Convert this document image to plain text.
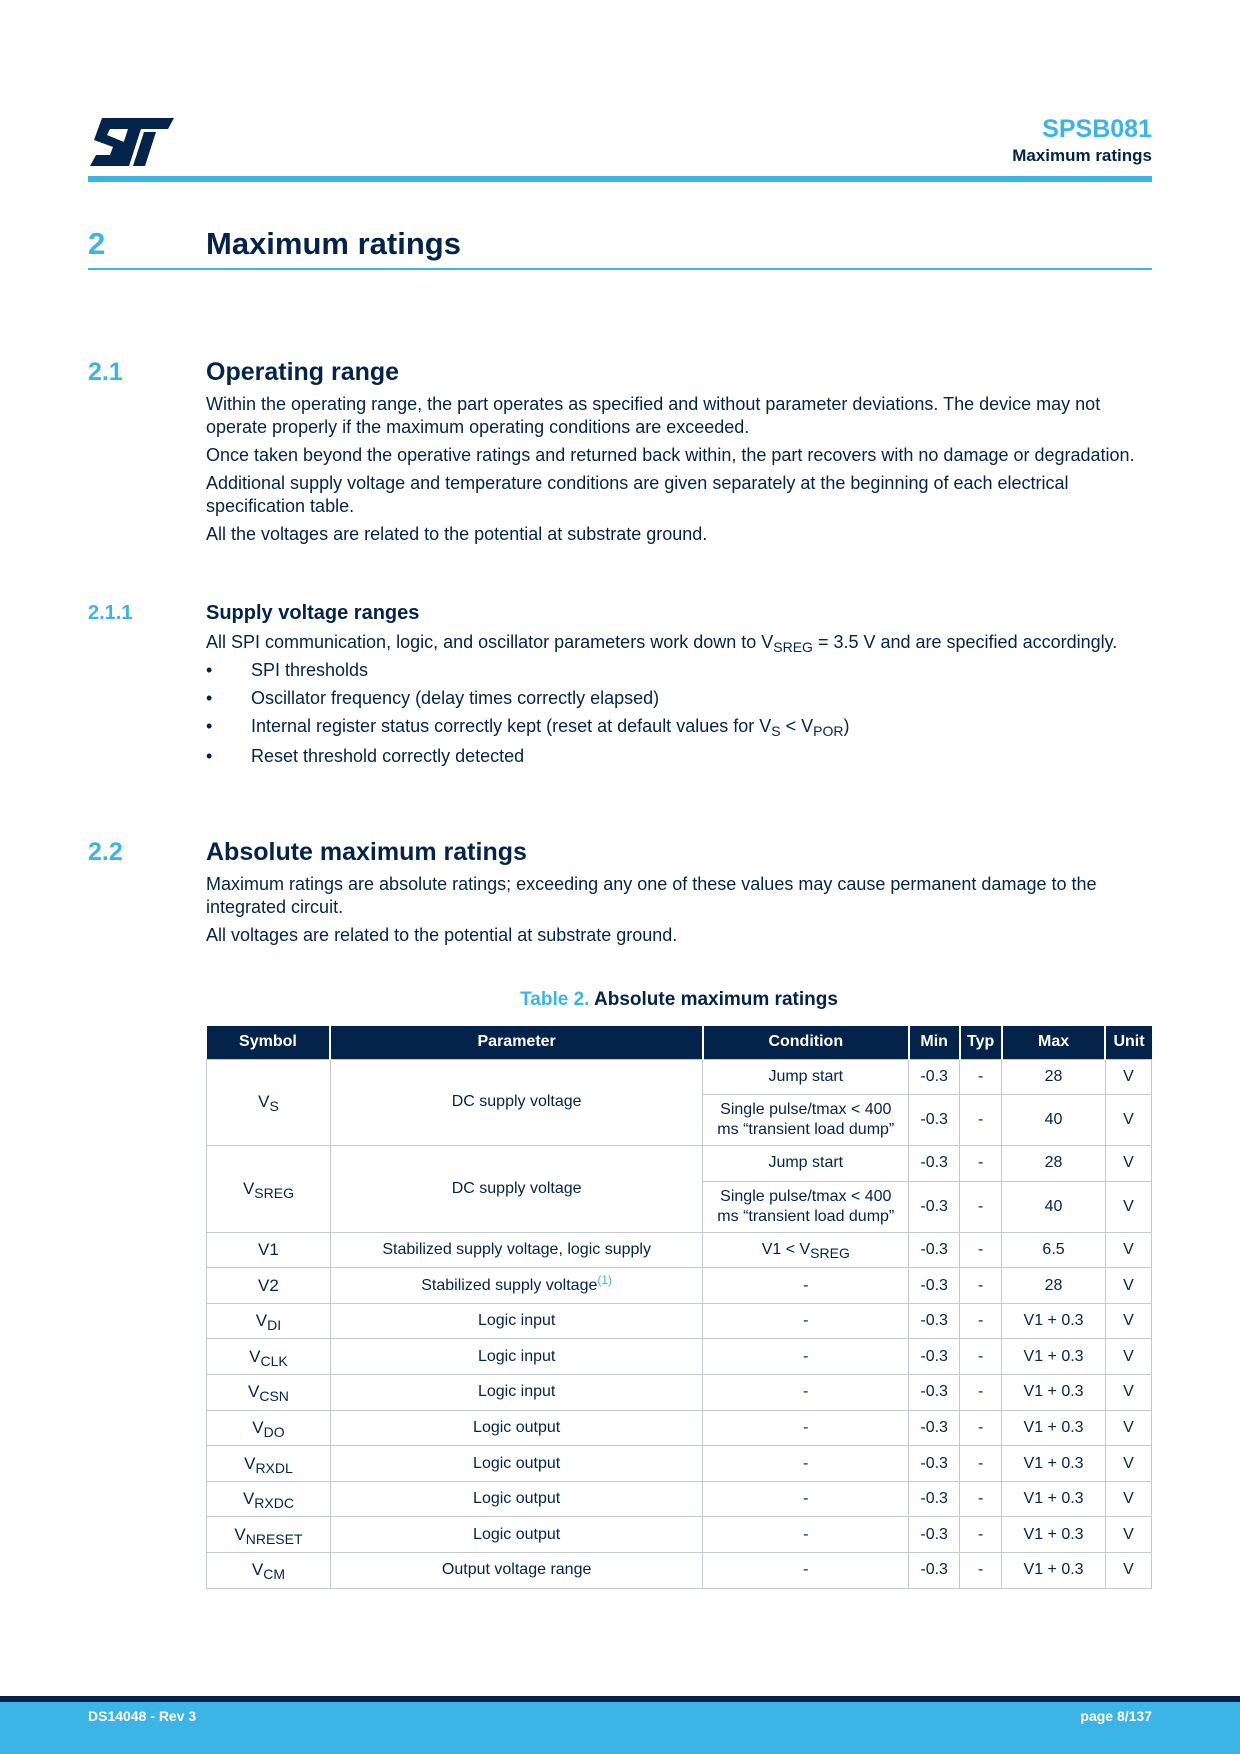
SPSB081
Maximum ratings
2	Maximum ratings
2.1	Operating range

Within the operating range, the part operates as specified and without parameter deviations. The device may not operate properly if the maximum operating conditions are exceeded.

Once taken beyond the operative ratings and returned back within, the part recovers with no damage or degradation.

Additional supply voltage and temperature conditions are given separately at the beginning of each electrical specification table.

All the voltages are related to the potential at substrate ground.

2.1.1	Supply voltage ranges

All SPI communication, logic, and oscillator parameters work down to $V_{SREG} = 3.5$ V and are specified accordingly.

• SPI thresholds
• Oscillator frequency (delay times correctly elapsed)
• Internal register status correctly kept (reset at default values for $V_S < V_{POR}$)
• Reset threshold correctly detected
2.2	Absolute maximum ratings

Maximum ratings are absolute ratings; exceeding any one of these values may cause permanent damage to the integrated circuit.

All voltages are related to the potential at substrate ground.

Table 2. Absolute maximum ratings
Symbol	Parameter	Condition	Min	Typ	Max	Unit
$V_S$	DC supply voltage	Jump start	-0.3	-	28	V
		Single pulse/tmax < 400 ms “transient load dump”	-0.3	-	40	V
$V_{SREG}$	DC supply voltage	Jump start	-0.3	-	28	V
		Single pulse/tmax < 400 ms “transient load dump”	-0.3	-	40	V
V1	Stabilized supply voltage, logic supply	$V1 < V_{SREG}$	-0.3	-	6.5	V
V2	Stabilized supply voltage$^{(1)}$	-	-0.3	-	28	V
$V_{DI}$	Logic input	-	-0.3	-	V1 + 0.3	V
$V_{CLK}$	Logic input	-	-0.3	-	V1 + 0.3	V
$V_{CSN}$	Logic input	-	-0.3	-	V1 + 0.3	V
$V_{DO}$	Logic output	-	-0.3	-	V1 + 0.3	V
$V_{RXDL}$	Logic output	-	-0.3	-	V1 + 0.3	V
$V_{RXDC}$	Logic output	-	-0.3	-	V1 + 0.3	V
$V_{NRESET}$	Logic output	-	-0.3	-	V1 + 0.3	V
$V_{CM}$	Output voltage range	-	-0.3	-	V1 + 0.3	V
DS14048 - Rev 3	page 8/137
